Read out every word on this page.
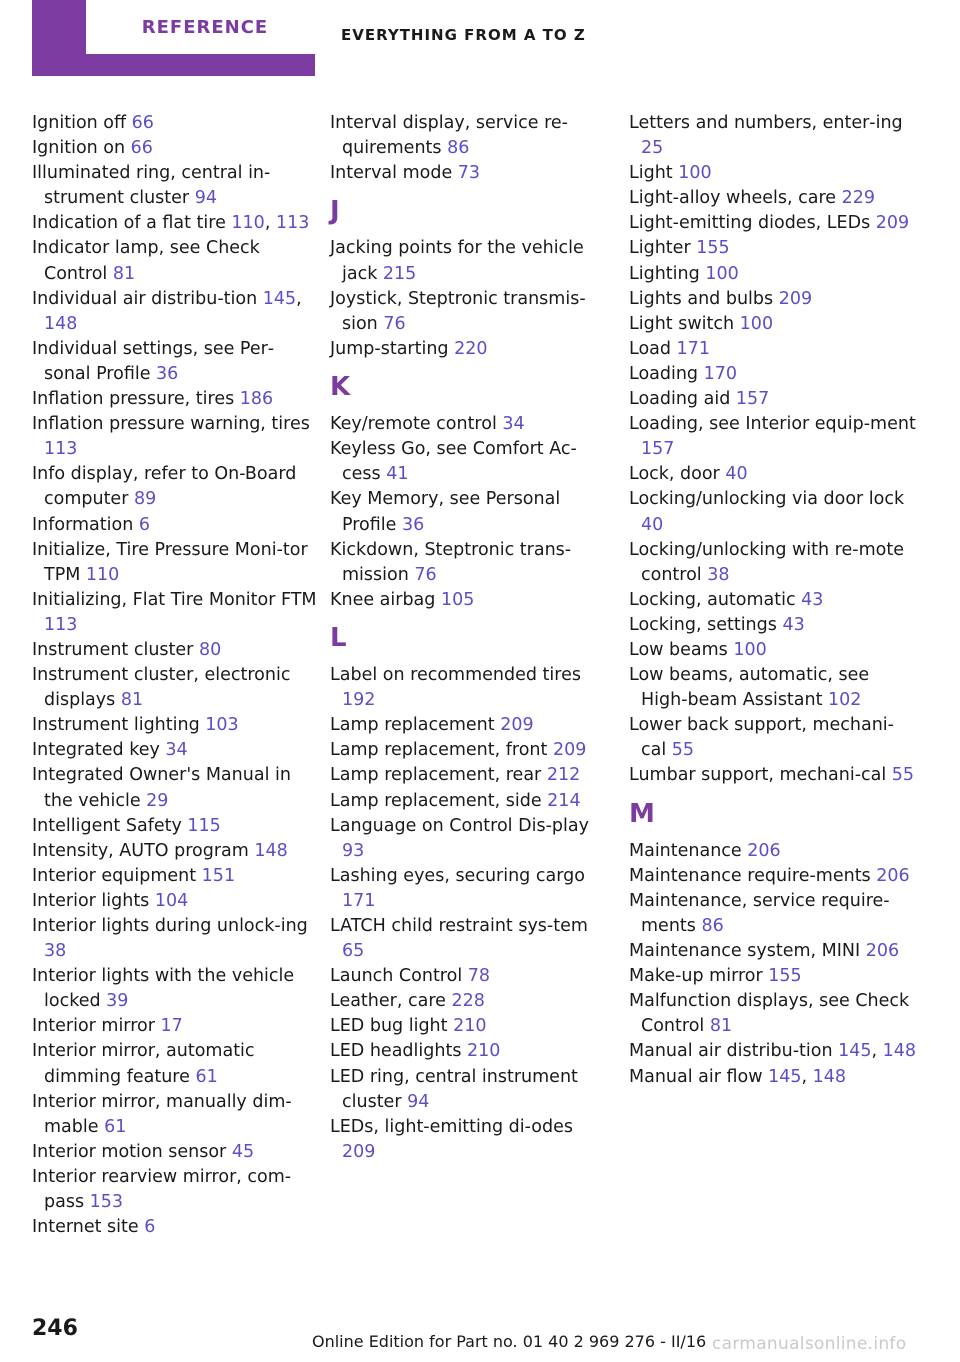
REFERENCE	EVERYTHING FROM A TO Z

Ignition off 66

Ignition on 66

Illuminated ring, central in‐strument cluster 94

Indication of a flat tire 110, 113

Indicator lamp, see Check Control 81

Individual air distribu‐tion 145, 148

Individual settings, see Per‐sonal Profile 36

Inflation pressure, tires 186

Inflation pressure warning, tires 113

Info display, refer to On-Board computer 89

Information 6

Initialize, Tire Pressure Moni‐tor TPM 110

Initializing, Flat Tire Monitor FTM 113

Instrument cluster 80

Instrument cluster, electronic displays 81

Instrument lighting 103

Integrated key 34

Integrated Owner's Manual in the vehicle 29

Intelligent Safety 115

Intensity, AUTO program 148

Interior equipment 151

Interior lights 104

Interior lights during unlock‐ing 38

Interior lights with the vehicle locked 39

Interior mirror 17

Interior mirror, automatic dimming feature 61

Interior mirror, manually dim‐mable 61

Interior motion sensor 45

Interior rearview mirror, com‐pass 153

Internet site 6

Interval display, service re‐quirements 86

Interval mode 73

J

Jacking points for the vehicle jack 215

Joystick, Steptronic transmis‐sion 76

Jump-starting 220

K

Key/remote control 34

Keyless Go, see Comfort Ac‐cess 41

Key Memory, see Personal Profile 36

Kickdown, Steptronic trans‐mission 76

Knee airbag 105

L

Label on recommended tires 192

Lamp replacement 209

Lamp replacement, front 209

Lamp replacement, rear 212

Lamp replacement, side 214

Language on Control Dis‐play 93

Lashing eyes, securing cargo 171

LATCH child restraint sys‐tem 65

Launch Control 78

Leather, care 228

LED bug light 210

LED headlights 210

LED ring, central instrument cluster 94

LEDs, light-emitting di‐odes 209

Letters and numbers, enter‐ing 25

Light 100

Light-alloy wheels, care 229

Light-emitting diodes, LEDs 209

Lighter 155

Lighting 100

Lights and bulbs 209

Light switch 100

Load 171

Loading 170

Loading aid 157

Loading, see Interior equip‐ment 157

Lock, door 40

Locking/unlocking via door lock 40

Locking/unlocking with re‐mote control 38

Locking, automatic 43

Locking, settings 43

Low beams 100

Low beams, automatic, see High-beam Assistant 102

Lower back support, mechani‐cal 55

Lumbar support, mechani‐cal 55

M

Maintenance 206

Maintenance require‐ments 206

Maintenance, service require‐ments 86

Maintenance system, MINI 206

Make-up mirror 155

Malfunction displays, see Check Control 81

Manual air distribu‐tion 145, 148

Manual air flow 145, 148

246
Online Edition for Part no. 01 40 2 969 276 - II/16 carmanualsonline.info
